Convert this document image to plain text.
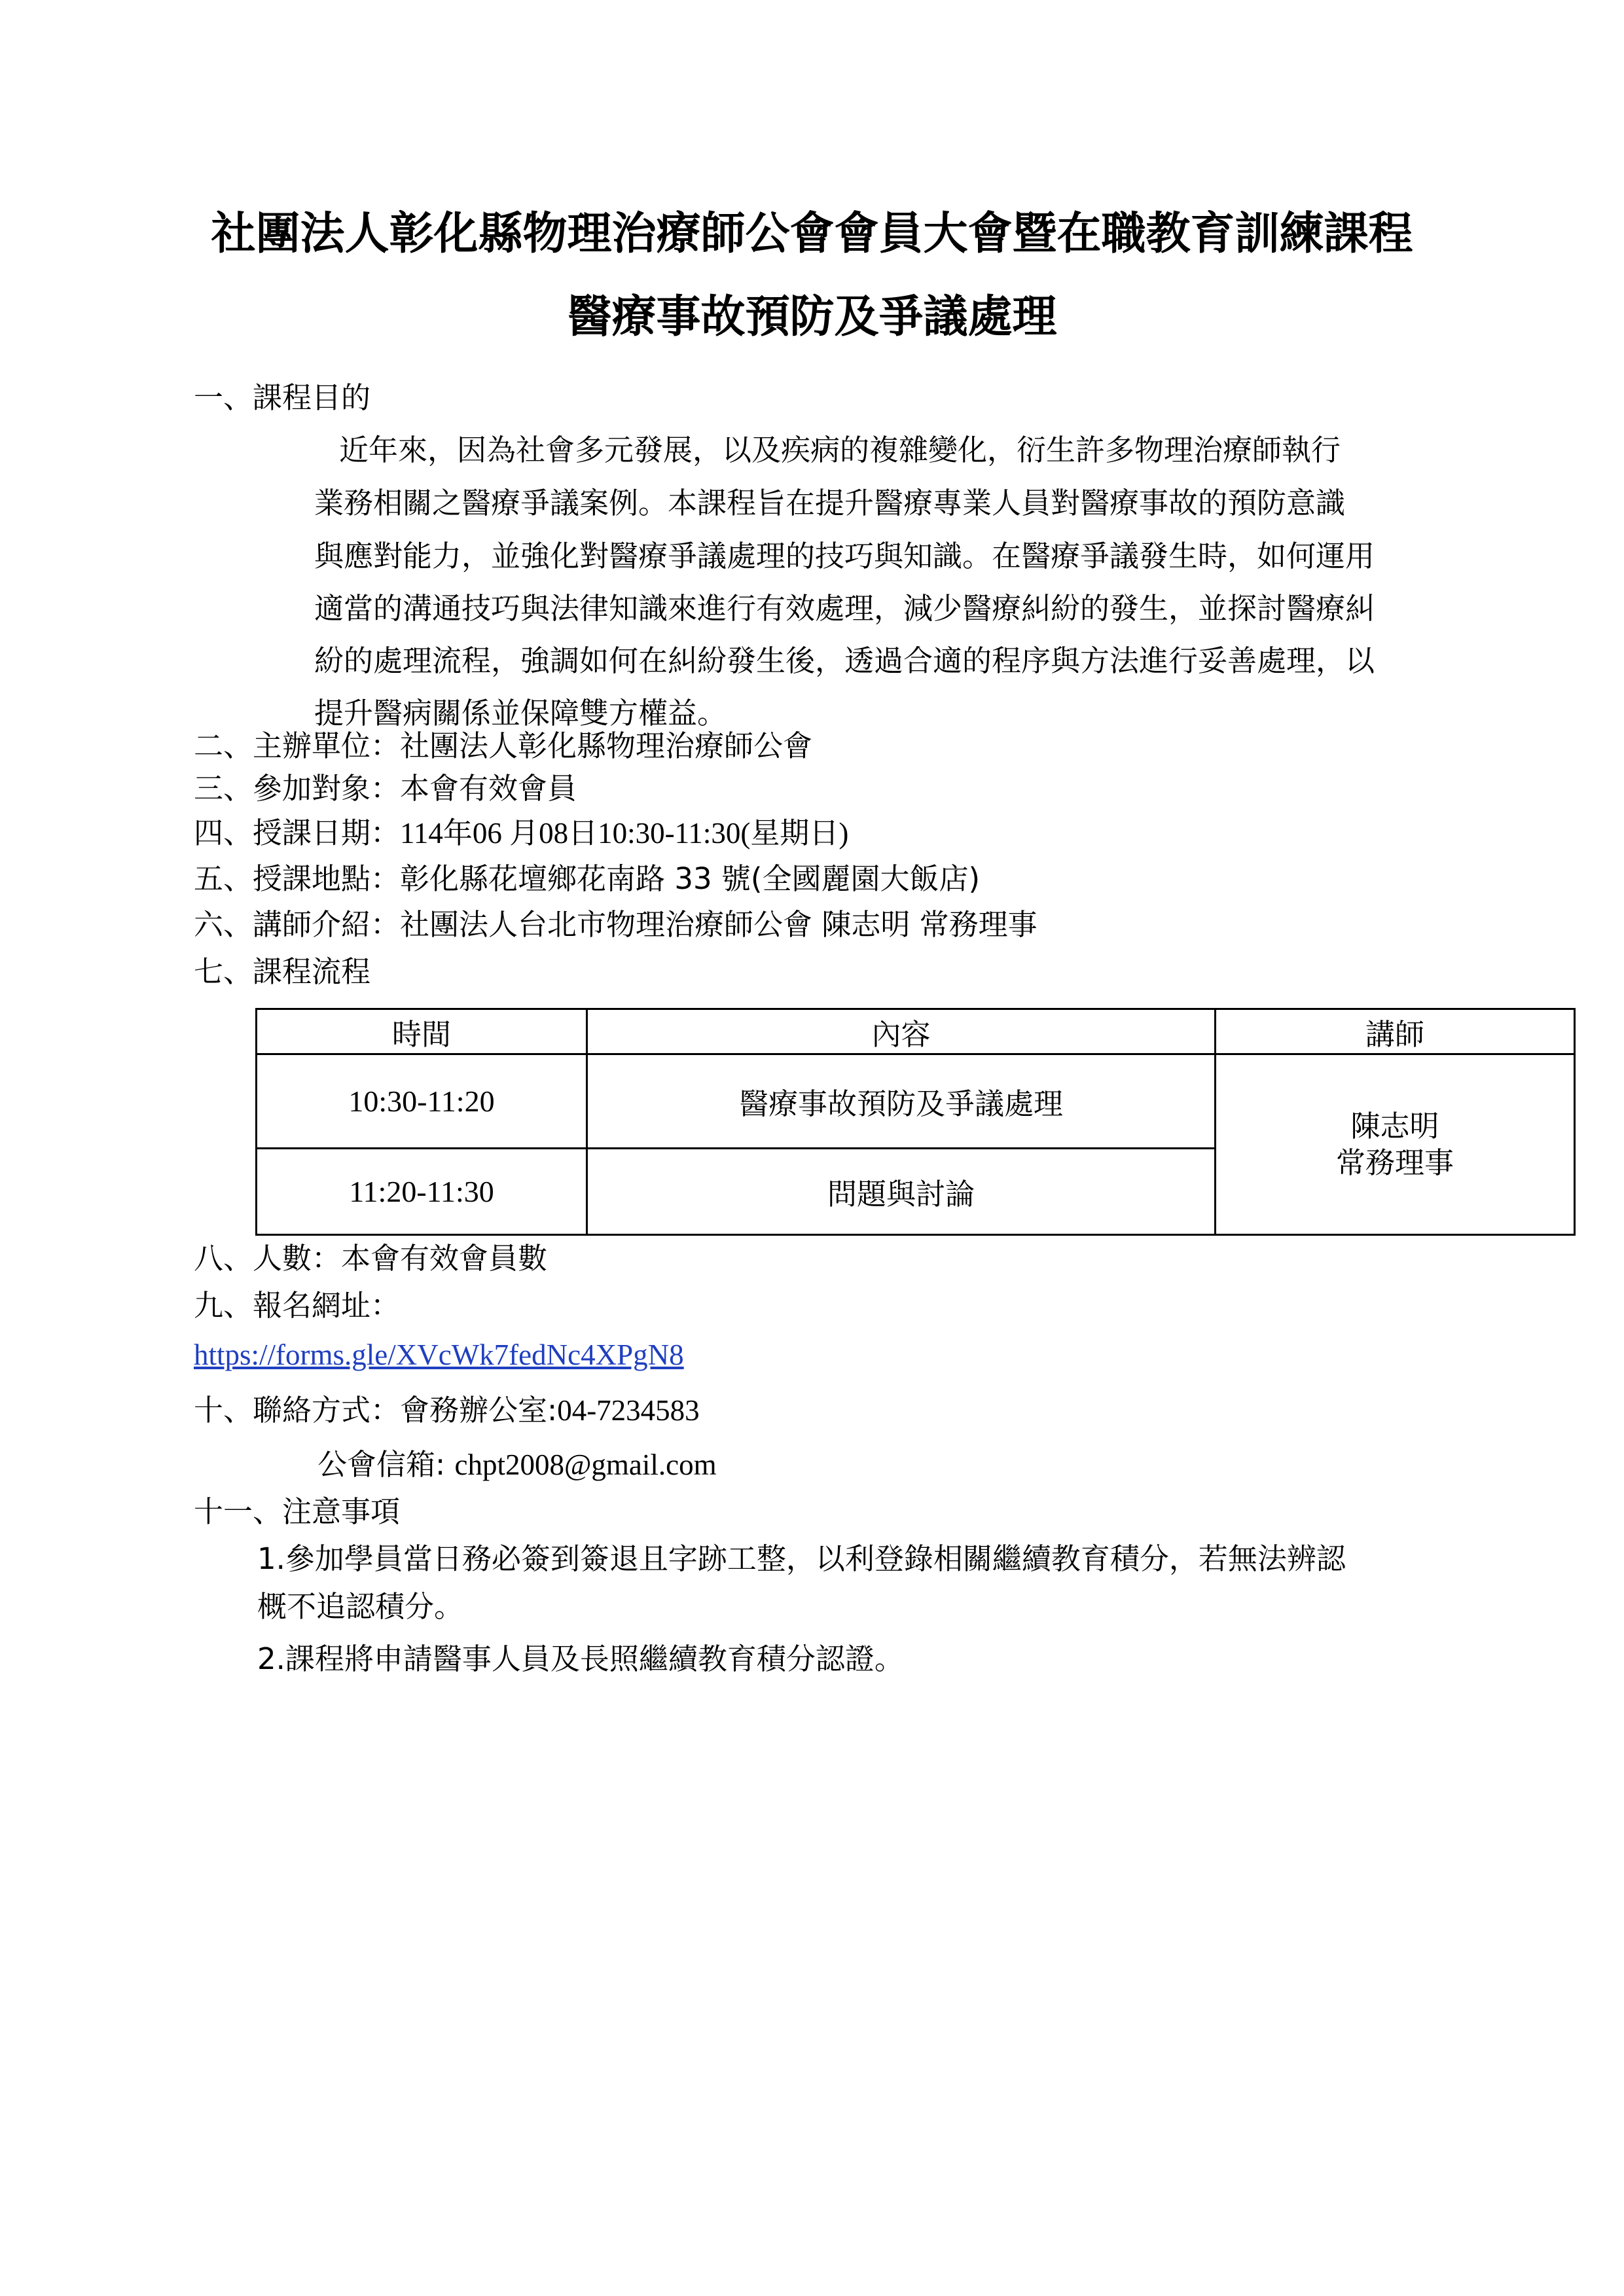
社團法人彰化縣物理治療師公會會員大會暨在職教育訓練課程
醫療事故預防及爭議處理
一、課程目的
近年來，因為社會多元發展，以及疾病的複雜變化，衍生許多物理治療師執行
業務相關之醫療爭議案例。本課程旨在提升醫療專業人員對醫療事故的預防意識
與應對能力，並強化對醫療爭議處理的技巧與知識。在醫療爭議發生時，如何運用
適當的溝通技巧與法律知識來進行有效處理，減少醫療糾紛的發生，並探討醫療糾
紛的處理流程，強調如何在糾紛發生後，透過合適的程序與方法進行妥善處理，以
提升醫病關係並保障雙方權益。
二、主辦單位：社團法人彰化縣物理治療師公會
三、參加對象：本會有效會員
四、授課日期：114年06 月08日10:30-11:30(星期日)
五、授課地點：彰化縣花壇鄉花南路 33 號(全國麗園大飯店)
六、講師介紹：社團法人台北市物理治療師公會 陳志明 常務理事
七、課程流程
時間	內容	講師
10:30-11:20	醫療事故預防及爭議處理	陳志明
常務理事

11:20-11:30	問題與討論	
八、人數：本會有效會員數
九、報名網址：
https://forms.gle/XVcWk7fedNc4XPgN8
十、聯絡方式：會務辦公室:04-7234583
公會信箱: chpt2008@gmail.com
十一、注意事項
1.參加學員當日務必簽到簽退且字跡工整，以利登錄相關繼續教育積分，若無法辨認
概不追認積分。
2.課程將申請醫事人員及長照繼續教育積分認證。
